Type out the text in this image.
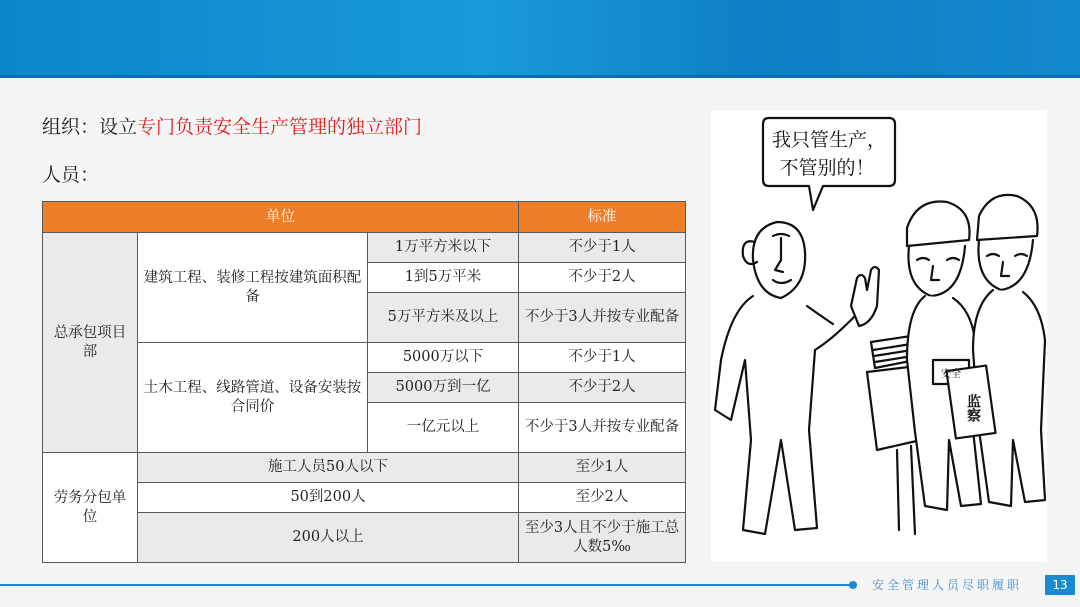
组织：设立专门负责安全生产管理的独立部门
人员：
单位			标准
总承包项目部	建筑工程、装修工程按建筑面积配备	1万平方米以下	不少于1人
		1到5万平米	不少于2人
		5万平方米及以上	不少于3人并按专业配备
	土木工程、线路管道、设备安装按合同价	5000万以下	不少于1人
		5000万到一亿	不少于2人
		一亿元以上	不少于3人并按专业配备
劳务分包单位	施工人员50人以下		至少1人
	50到200人		至少2人
	200人以上		至少3人且不少于施工总人数5‰
我只管生产，
不管别的！
安全
监察
安全管理人员尽职履职	13
